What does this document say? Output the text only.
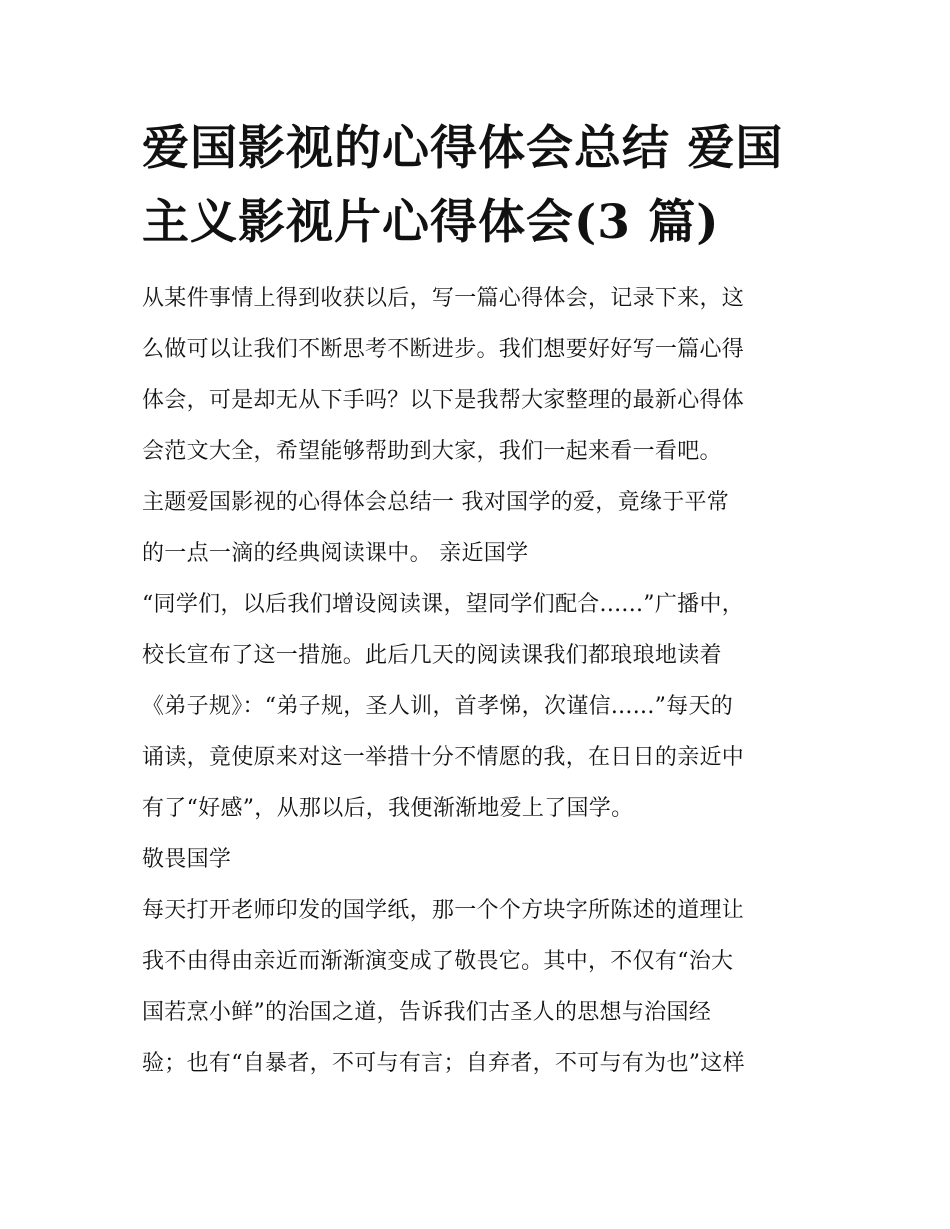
爱国影视的心得体会总结 爱国
主义影视片心得体会(3 篇)
从某件事情上得到收获以后，写一篇心得体会，记录下来，这
么做可以让我们不断思考不断进步。我们想要好好写一篇心得
体会，可是却无从下手吗？以下是我帮大家整理的最新心得体
会范文大全，希望能够帮助到大家，我们一起来看一看吧。
主题爱国影视的心得体会总结一 我对国学的爱，竟缘于平常
的一点一滴的经典阅读课中。 亲近国学
“同学们，以后我们增设阅读课，望同学们配合......”广播中，
校长宣布了这一措施。此后几天的阅读课我们都琅琅地读着
《弟子规》：“弟子规，圣人训，首孝悌，次谨信......”每天的
诵读，竟使原来对这一举措十分不情愿的我，在日日的亲近中
有了“好感”，从那以后，我便渐渐地爱上了国学。
敬畏国学
每天打开老师印发的国学纸，那一个个方块字所陈述的道理让
我不由得由亲近而渐渐演变成了敬畏它。其中，不仅有“治大
国若烹小鲜”的治国之道，告诉我们古圣人的思想与治国经
验；也有“自暴者，不可与有言；自弃者，不可与有为也”这样
